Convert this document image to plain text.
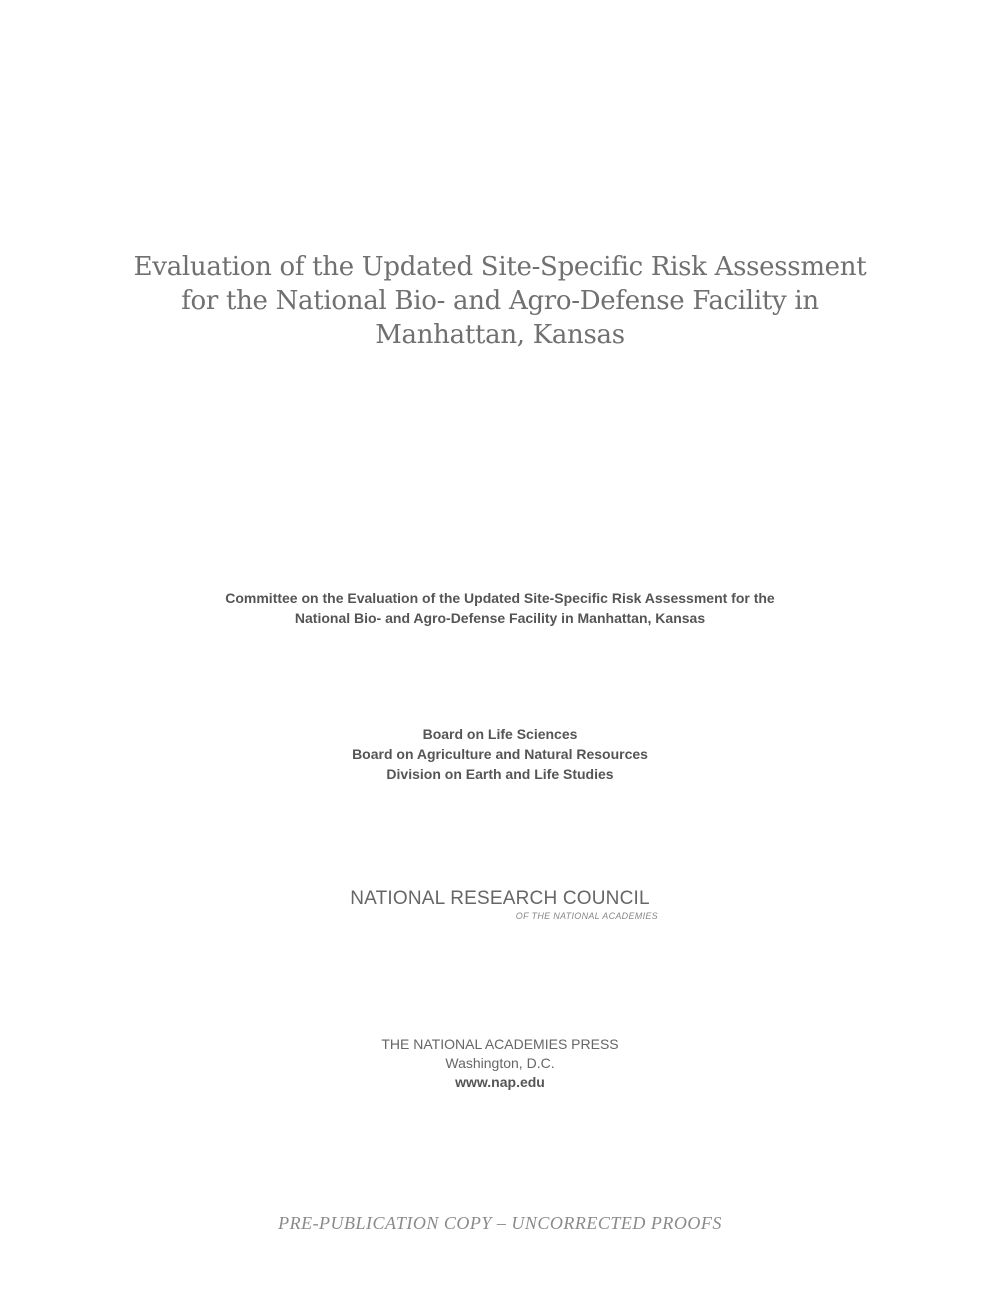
Evaluation of the Updated Site-Specific Risk Assessment
for the National Bio- and Agro-Defense Facility in
Manhattan, Kansas
Committee on the Evaluation of the Updated Site-Specific Risk Assessment for the
National Bio- and Agro-Defense Facility in Manhattan, Kansas
Board on Life Sciences
Board on Agriculture and Natural Resources
Division on Earth and Life Studies
NATIONAL RESEARCH COUNCIL
OF THE NATIONAL ACADEMIES
THE NATIONAL ACADEMIES PRESS
Washington, D.C.
www.nap.edu
PRE-PUBLICATION COPY – UNCORRECTED PROOFS
